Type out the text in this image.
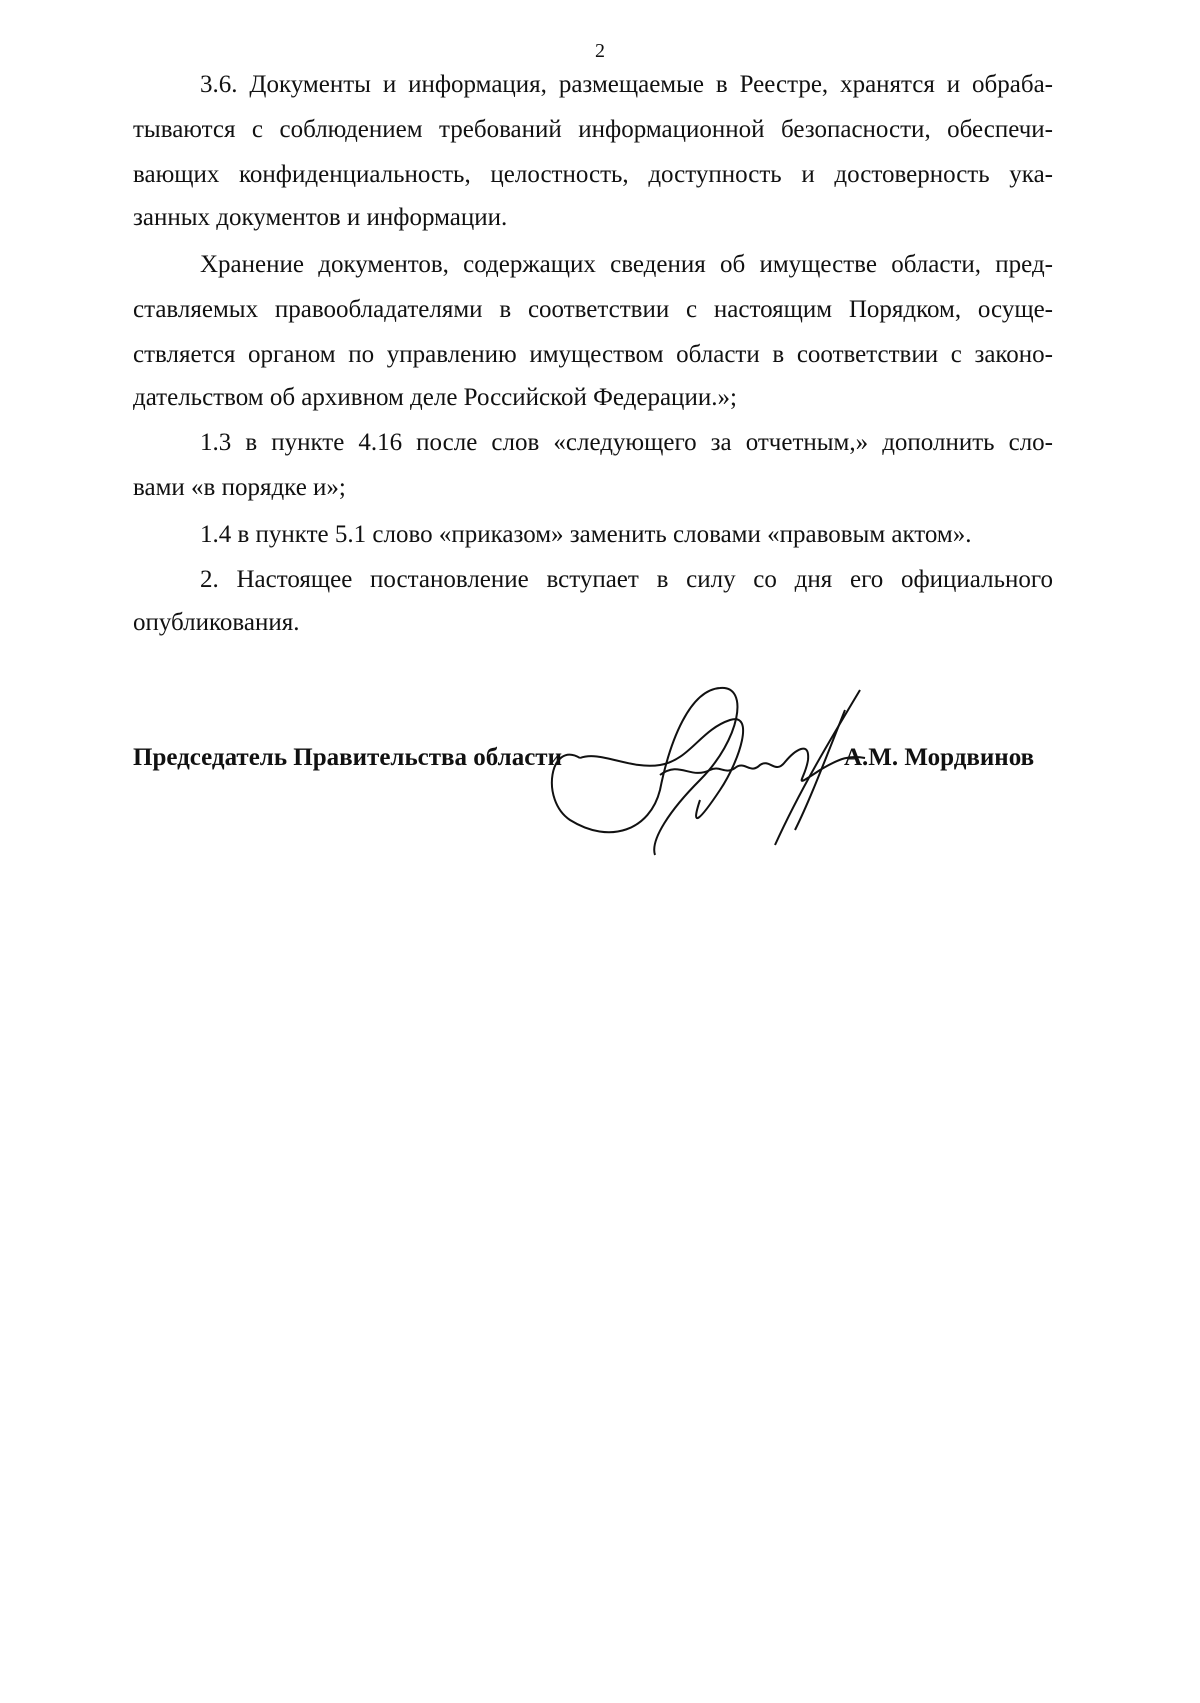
2
3.6. Документы и информация, размещаемые в Реестре, хранятся и обраба-
тываются с соблюдением требований информационной безопасности, обеспечи-
вающих конфиденциальность, целостность, доступность и достоверность ука-
занных документов и информации.
Хранение документов, содержащих сведения об имуществе области, пред-
ставляемых правообладателями в соответствии с настоящим Порядком, осуще-
ствляется органом по управлению имуществом области в соответствии с законо-
дательством об архивном деле Российской Федерации.»;
1.3 в пункте 4.16 после слов «следующего за отчетным,» дополнить сло-
вами «в порядке и»;
1.4 в пункте 5.1 слово «приказом» заменить словами «правовым актом».
2. Настоящее постановление вступает в силу со дня его официального
опубликования.
Председатель Правительства области	А.М. Мордвинов
